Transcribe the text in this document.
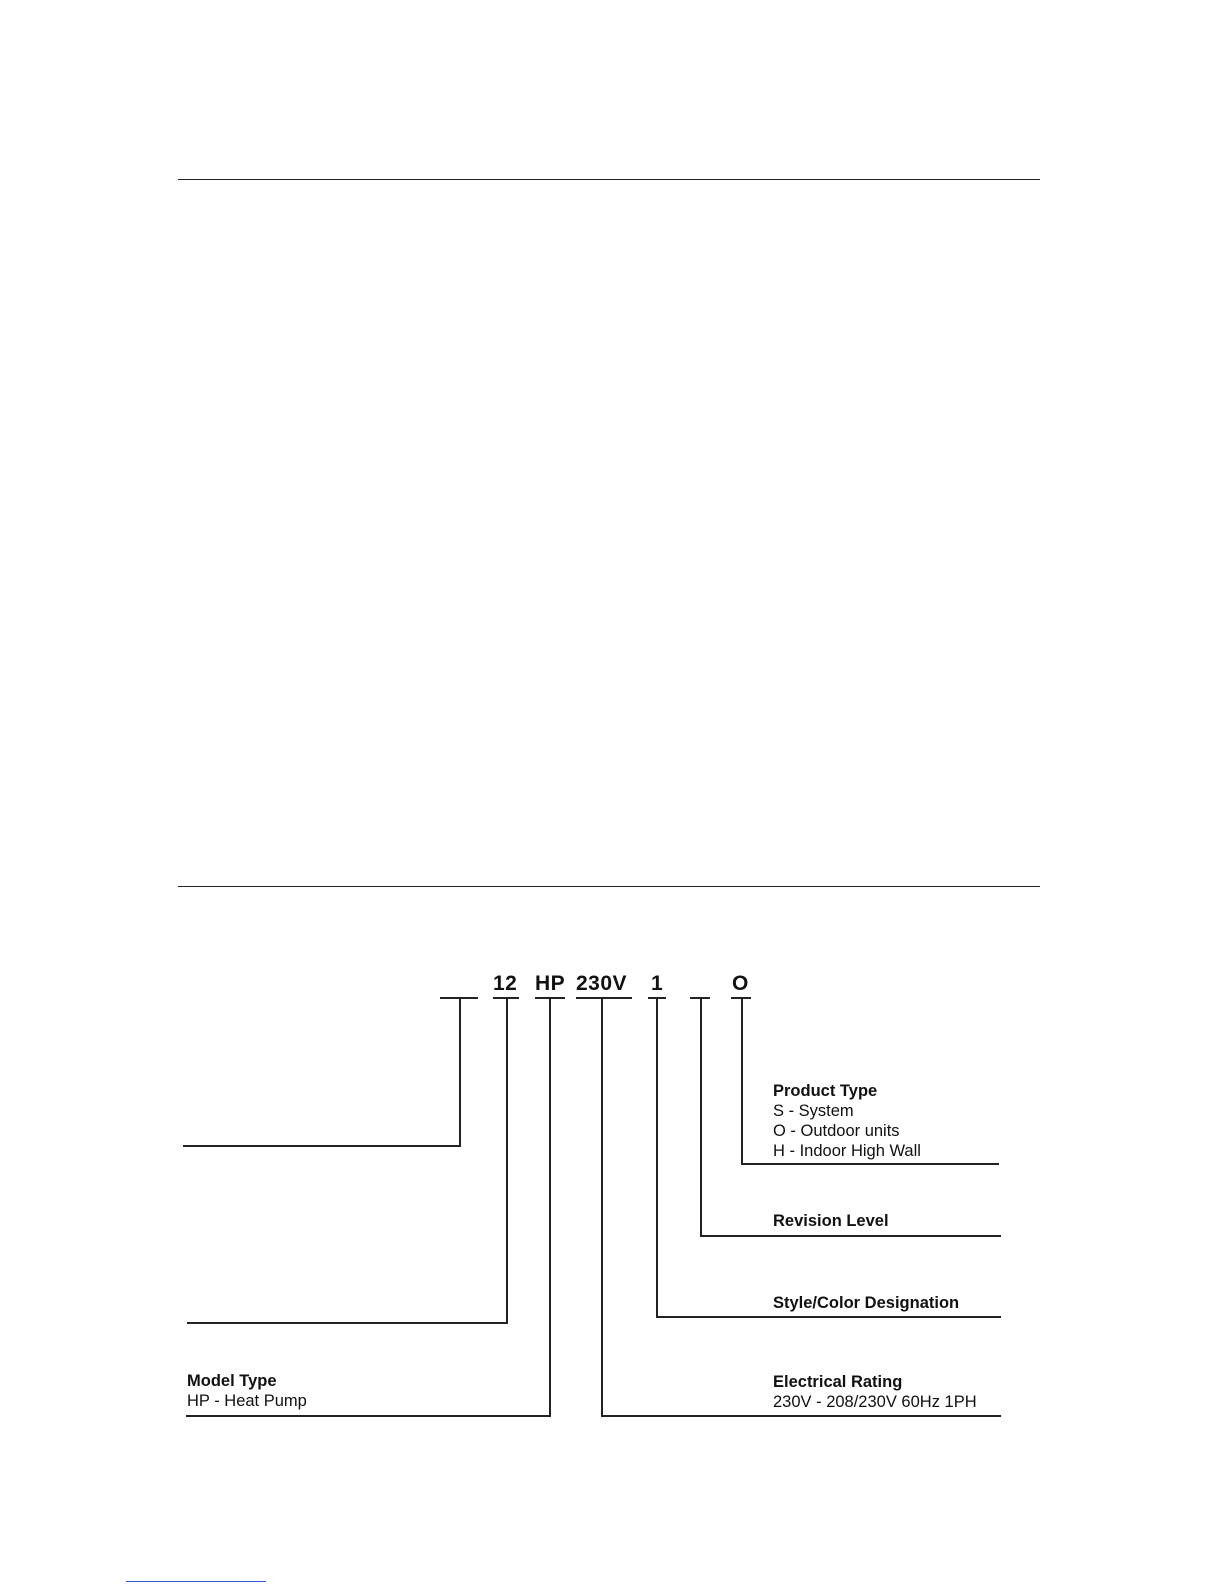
12 HP 230V 1	O
Product Type
S - System
O - Outdoor units
H - Indoor High Wall
Revision Level
Style/Color Designation
Electrical Rating
230V - 208/230V 60Hz 1PH
Model Type
HP - Heat Pump
